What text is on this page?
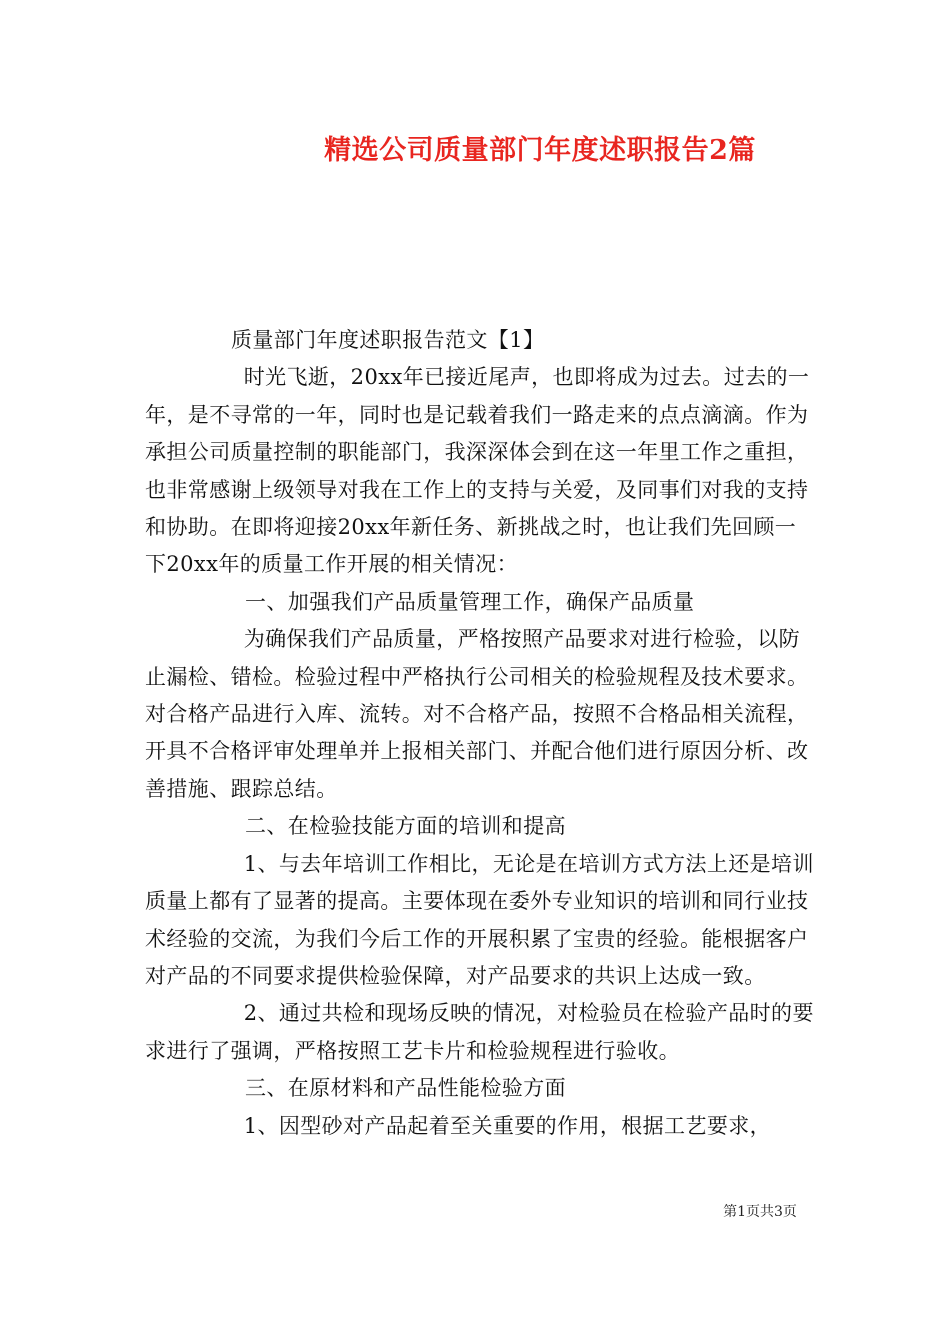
精选公司质量部门年度述职报告2篇

质量部门年度述职报告范文【1】

时光飞逝，20xx年已接近尾声，也即将成为过去。过去的一年，是不寻常的一年，同时也是记载着我们一路走来的点点滴滴。作为承担公司质量控制的职能部门，我深深体会到在这一年里工作之重担，也非常感谢上级领导对我在工作上的支持与关爱，及同事们对我的支持和协助。在即将迎接20xx年新任务、新挑战之时，也让我们先回顾一下20xx年的质量工作开展的相关情况：

一、加强我们产品质量管理工作，确保产品质量

为确保我们产品质量，严格按照产品要求对进行检验，以防止漏检、错检。检验过程中严格执行公司相关的检验规程及技术要求。对合格产品进行入库、流转。对不合格产品，按照不合格品相关流程，开具不合格评审处理单并上报相关部门、并配合他们进行原因分析、改善措施、跟踪总结。

二、在检验技能方面的培训和提高

1、与去年培训工作相比，无论是在培训方式方法上还是培训质量上都有了显著的提高。主要体现在委外专业知识的培训和同行业技术经验的交流，为我们今后工作的开展积累了宝贵的经验。能根据客户对产品的不同要求提供检验保障，对产品要求的共识上达成一致。

2、通过共检和现场反映的情况，对检验员在检验产品时的要求进行了强调，严格按照工艺卡片和检验规程进行验收。

三、在原材料和产品性能检验方面

1、因型砂对产品起着至关重要的作用，根据工艺要求，

第1页共3页
